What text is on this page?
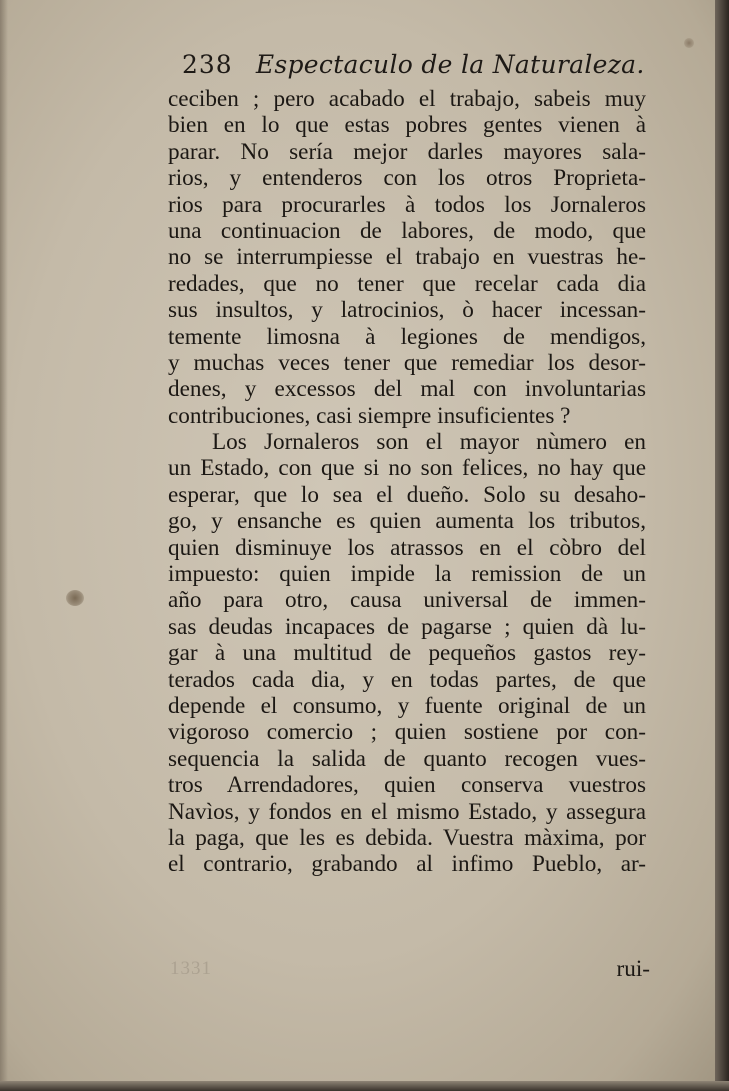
238 Espectaculo de la Naturaleza.
ceciben ; pero acabado el trabajo, sabeis muy
bien en lo que estas pobres gentes vienen à
parar. No sería mejor darles mayores sala-
rios, y entenderos con los otros Proprieta-
rios para procurarles à todos los Jornaleros
una continuacion de labores, de modo, que
no se interrumpiesse el trabajo en vuestras he-
redades, que no tener que recelar cada dia
sus insultos, y latrocinios, ò hacer incessan-
temente limosna à legiones de mendigos,
y muchas veces tener que remediar los desor-
denes, y excessos del mal con involuntarias
contribuciones, casi siempre insuficientes ?
Los Jornaleros son el mayor nùmero en
un Estado, con que si no son felices, no hay que
esperar, que lo sea el dueño. Solo su desaho-
go, y ensanche es quien aumenta los tributos,
quien disminuye los atrassos en el còbro del
impuesto: quien impide la remission de un
año para otro, causa universal de immen-
sas deudas incapaces de pagarse ; quien dà lu-
gar à una multitud de pequeños gastos rey-
terados cada dia, y en todas partes, de que
depende el consumo, y fuente original de un
vigoroso comercio ; quien sostiene por con-
sequencia la salida de quanto recogen vues-
tros Arrendadores, quien conserva vuestros
Navìos, y fondos en el mismo Estado, y assegura
la paga, que les es debida. Vuestra màxima, por
el contrario, grabando al infimo Pueblo, ar-
1331	rui-
